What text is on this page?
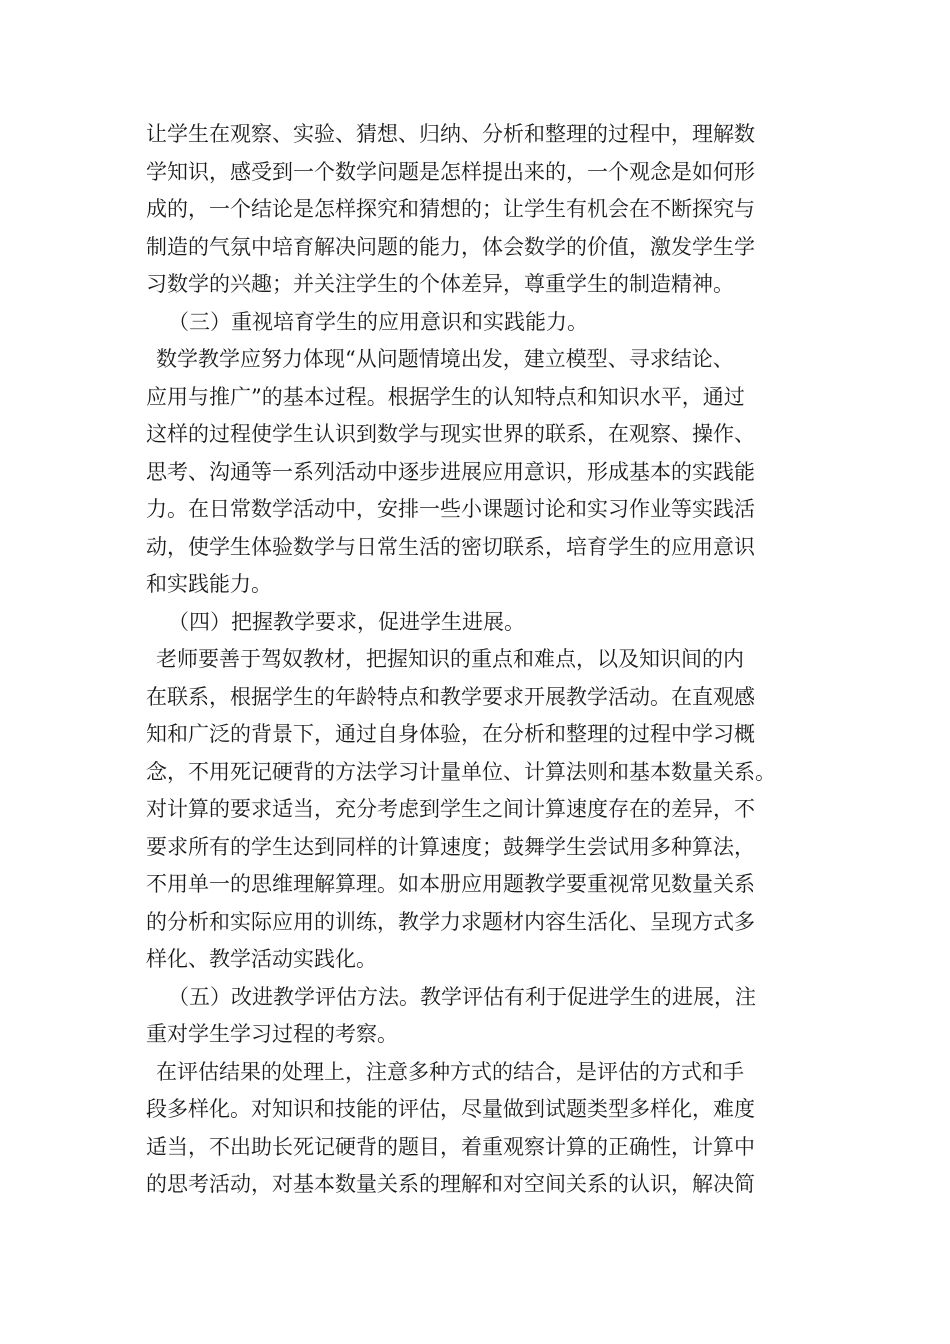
让学生在观察、实验、猜想、归纳、分析和整理的过程中，理解数
学知识，感受到一个数学问题是怎样提出来的，一个观念是如何形
成的，一个结论是怎样探究和猜想的；让学生有机会在不断探究与
制造的气氛中培育解决问题的能力，体会数学的价值，激发学生学
习数学的兴趣；并关注学生的个体差异，尊重学生的制造精神。
（三）重视培育学生的应用意识和实践能力。
数学教学应努力体现“从问题情境出发，建立模型、寻求结论、
应用与推广”的基本过程。根据学生的认知特点和知识水平，通过
这样的过程使学生认识到数学与现实世界的联系，在观察、操作、
思考、沟通等一系列活动中逐步进展应用意识，形成基本的实践能
力。在日常数学活动中，安排一些小课题讨论和实习作业等实践活
动，使学生体验数学与日常生活的密切联系，培育学生的应用意识
和实践能力。
（四）把握教学要求，促进学生进展。
老师要善于驾奴教材，把握知识的重点和难点，以及知识间的内
在联系，根据学生的年龄特点和教学要求开展教学活动。在直观感
知和广泛的背景下，通过自身体验，在分析和整理的过程中学习概
念，不用死记硬背的方法学习计量单位、计算法则和基本数量关系。
对计算的要求适当，充分考虑到学生之间计算速度存在的差异，不
要求所有的学生达到同样的计算速度；鼓舞学生尝试用多种算法，
不用单一的思维理解算理。如本册应用题教学要重视常见数量关系
的分析和实际应用的训练，教学力求题材内容生活化、呈现方式多
样化、教学活动实践化。
（五）改进教学评估方法。教学评估有利于促进学生的进展，注
重对学生学习过程的考察。
在评估结果的处理上，注意多种方式的结合，是评估的方式和手
段多样化。对知识和技能的评估，尽量做到试题类型多样化，难度
适当，不出助长死记硬背的题目，着重观察计算的正确性，计算中
的思考活动，对基本数量关系的理解和对空间关系的认识，解决简
